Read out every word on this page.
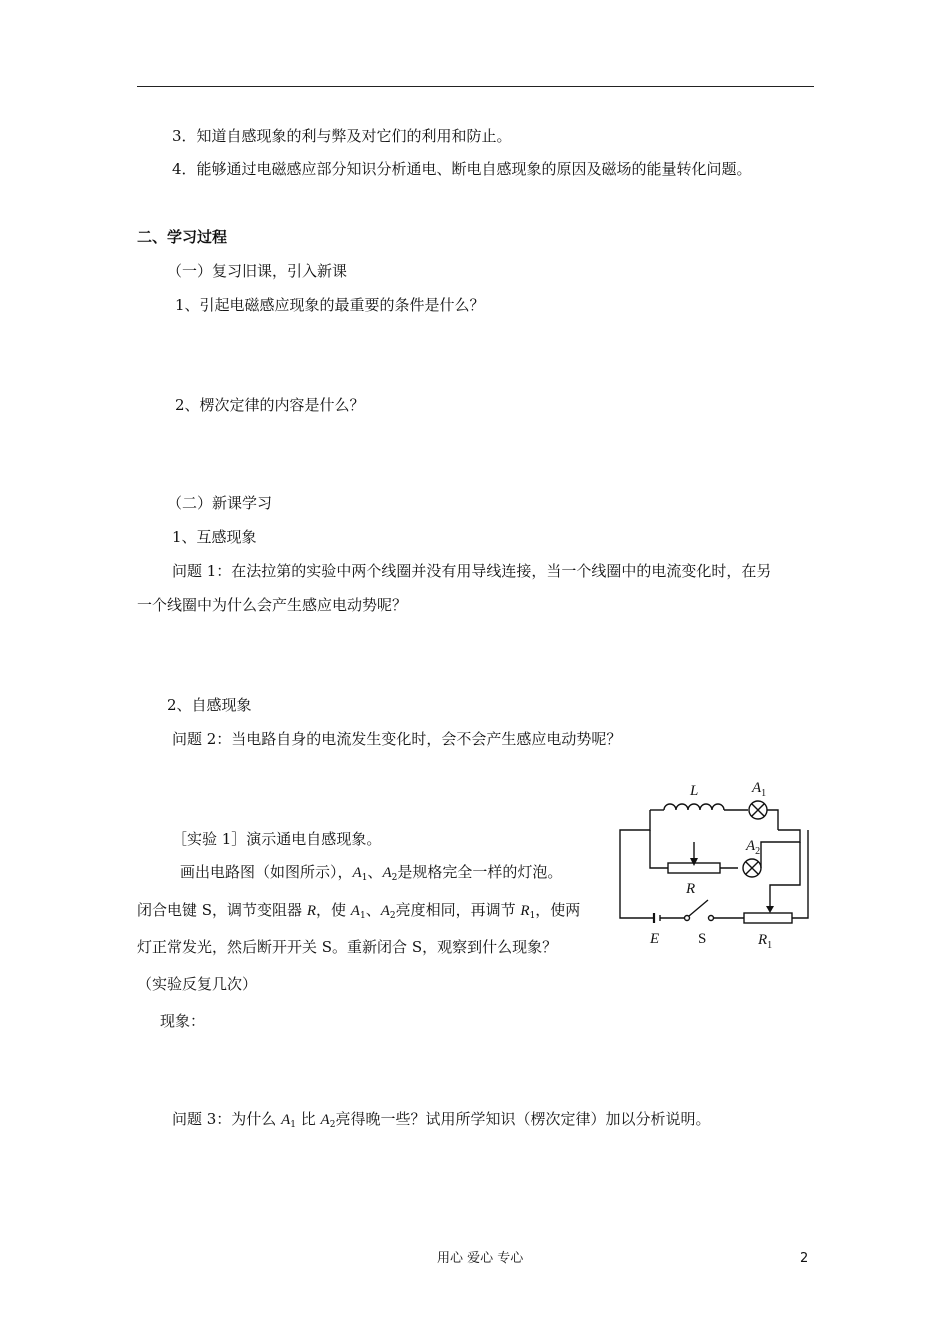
3．知道自感现象的利与弊及对它们的利用和防止。
4．能够通过电磁感应部分知识分析通电、断电自感现象的原因及磁场的能量转化问题。
二、学习过程
（一）复习旧课，引入新课
1、引起电磁感应现象的最重要的条件是什么？
2、楞次定律的内容是什么？
（二）新课学习
1、互感现象
问题 1：在法拉第的实验中两个线圈并没有用导线连接，当一个线圈中的电流变化时，在另
一个线圈中为什么会产生感应电动势呢？
2、自感现象
问题 2：当电路自身的电流发生变化时，会不会产生感应电动势呢？
［实验 1］演示通电自感现象。
画出电路图（如图所示），$A_1$、$A_2$是规格完全一样的灯泡。
闭合电键 S，调节变阻器 R，使 $A_1$、$A_2$亮度相同，再调节 $R_1$，使两
灯正常发光，然后断开开关 S。重新闭合 S，观察到什么现象？
（实验反复几次）
现象：
问题 3：为什么 $A_1$ 比 $A_2$亮得晚一些？试用所学知识（楞次定律）加以分析说明。
L	$A_1$
$A_2$
R
E	S	$R_1$
用心 爱心 专心	2
